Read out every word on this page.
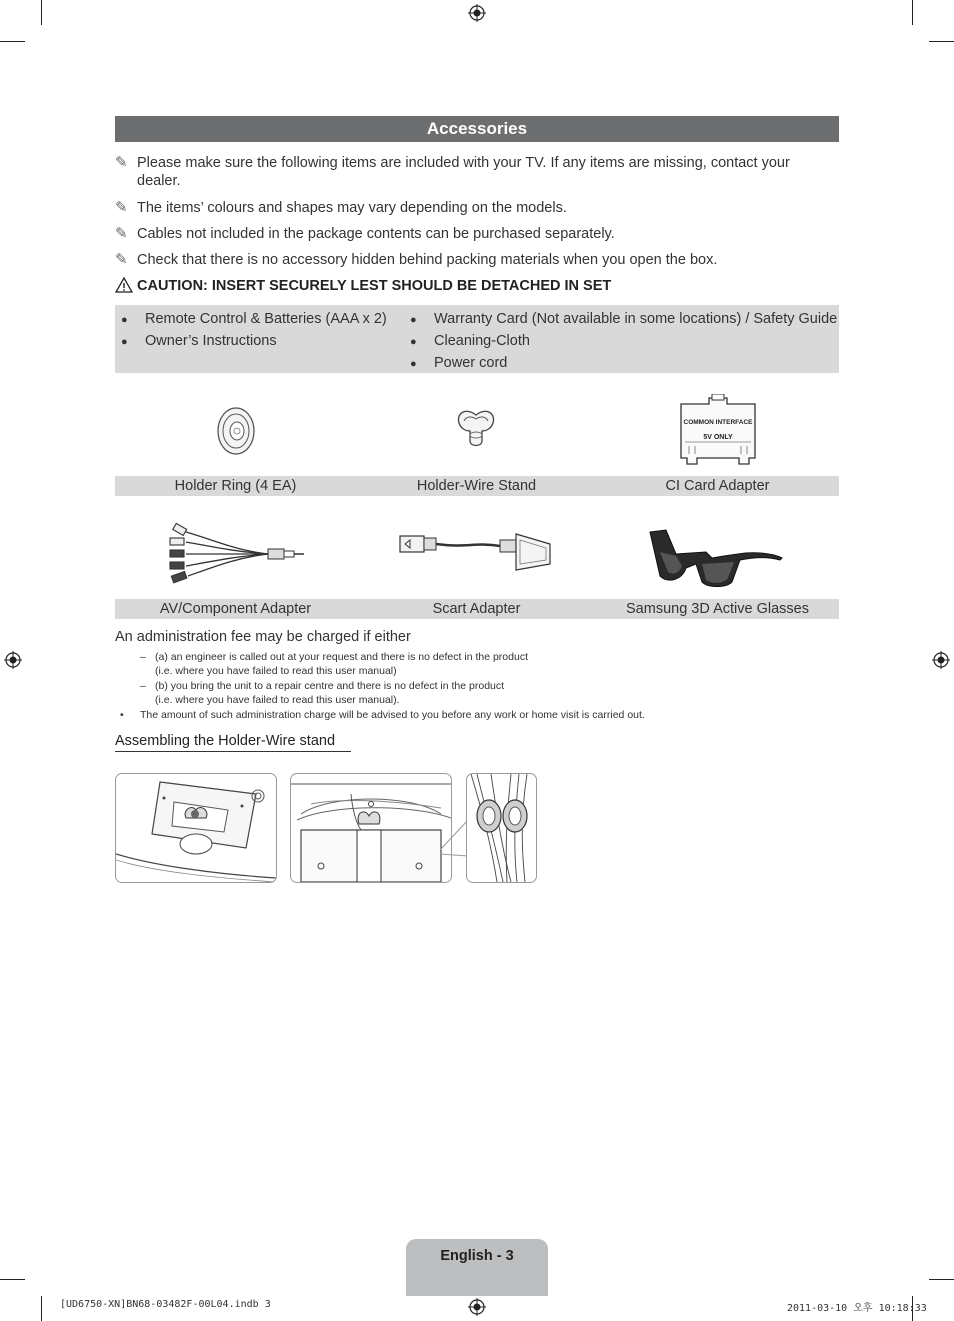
Accessories
✎ Please make sure the following items are included with your TV. If any items are missing, contact your dealer.
✎ The items’ colours and shapes may vary depending on the models.
✎ Cables not included in the package contents can be purchased separately.
✎ Check that there is no accessory hidden behind packing materials when you open the box.
CAUTION: INSERT SECURELY LEST SHOULD BE DETACHED IN SET
● Remote Control & Batteries (AAA x 2)
● Owner’s Instructions
● Warranty Card (Not available in some locations) / Safety Guide
● Cleaning-Cloth
● Power cord
COMMON INTERFACE
5V ONLY
Holder Ring (4 EA)	Holder-Wire Stand	CI Card Adapter
AV/Component Adapter	Scart Adapter	Samsung 3D Active Glasses
An administration fee may be charged if either
– (a) an engineer is called out at your request and there is no defect in the product
(i.e. where you have failed to read this user manual)
– (b) you bring the unit to a repair centre and there is no defect in the product
(i.e. where you have failed to read this user manual).
• The amount of such administration charge will be advised to you before any work or home visit is carried out.
Assembling the Holder-Wire stand
English - 3
[UD6750-XN]BN68-03482F-00L04.indb 3	2011-03-10 오후 10:18:33
